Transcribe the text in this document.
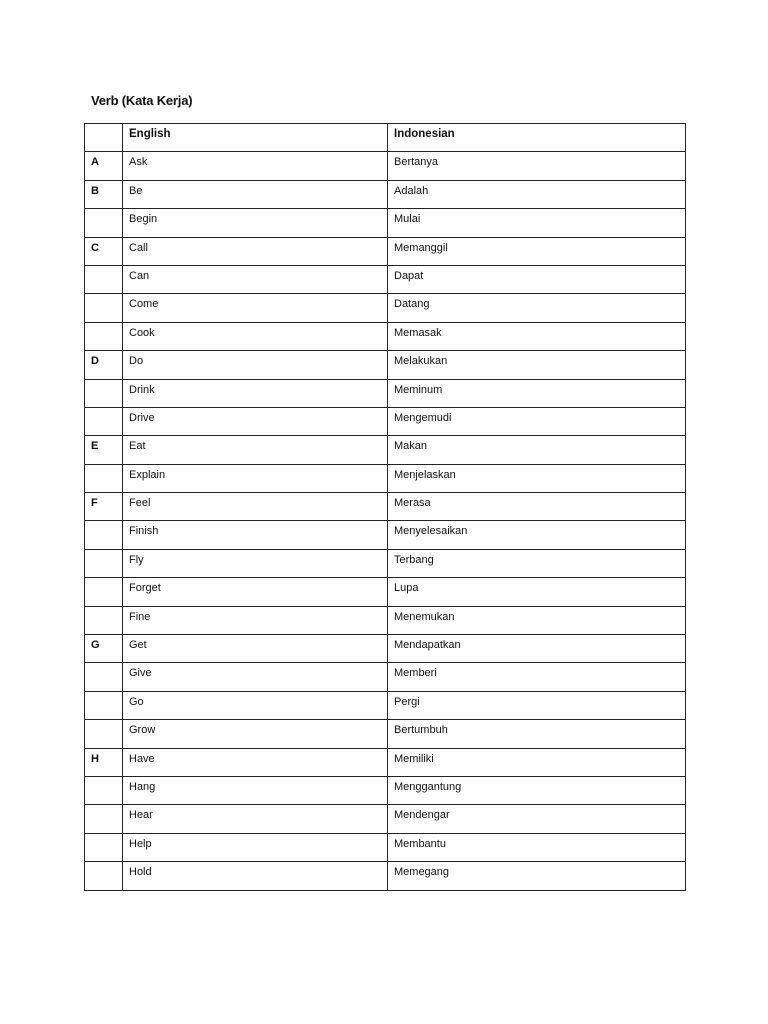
Verb (Kata Kerja)
	English	Indonesian
A	Ask	Bertanya
B	Be	Adalah
	Begin	Mulai
C	Call	Memanggil
	Can	Dapat
	Come	Datang
	Cook	Memasak
D	Do	Melakukan
	Drink	Meminum
	Drive	Mengemudi
E	Eat	Makan
	Explain	Menjelaskan
F	Feel	Merasa
	Finish	Menyelesaikan
	Fly	Terbang
	Forget	Lupa
	Fine	Menemukan
G	Get	Mendapatkan
	Give	Memberi
	Go	Pergi
	Grow	Bertumbuh
H	Have	Memiliki
	Hang	Menggantung
	Hear	Mendengar
	Help	Membantu
	Hold	Memegang
